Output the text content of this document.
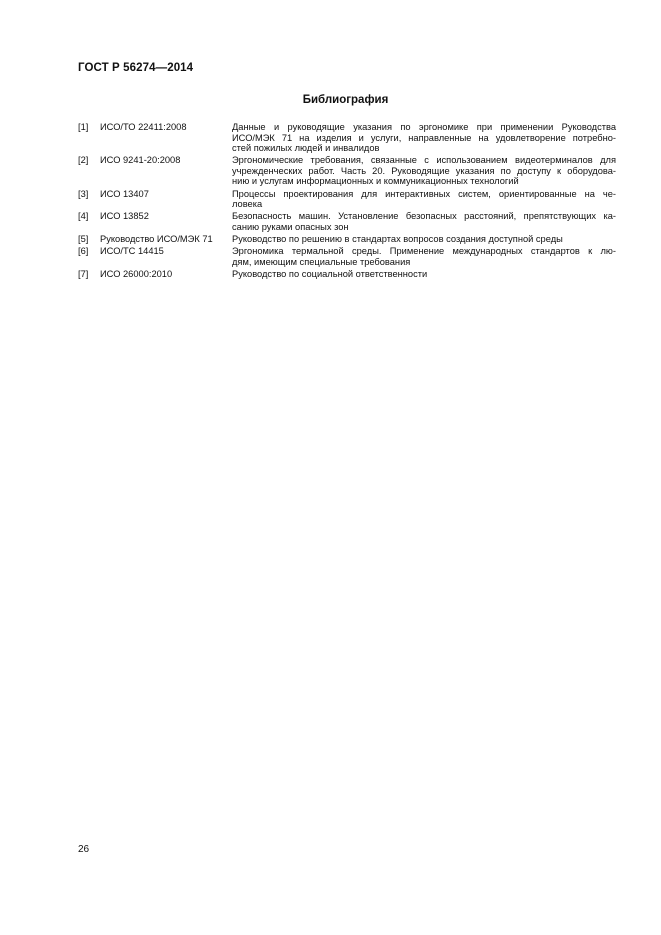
ГОСТ Р 56274—2014
Библиография
[1]	ИСО/ТО 22411:2008	Данные и руководящие указания по эргономике при применении Руководства
ИСО/МЭК 71 на изделия и услуги, направленные на удовлетворение потребно-
стей пожилых людей и инвалидов
[2]	ИСО 9241-20:2008	Эргономические требования, связанные с использованием видеотерминалов для
учрежденческих работ. Часть 20. Руководящие указания по доступу к оборудова-
нию и услугам информационных и коммуникационных технологий
[3]	ИСО 13407	Процессы проектирования для интерактивных систем, ориентированные на че-
ловека
[4]	ИСО 13852	Безопасность машин. Установление безопасных расстояний, препятствующих ка-
санию руками опасных зон
[5]	Руководство ИСО/МЭК 71	Руководство по решению в стандартах вопросов создания доступной среды
[6]	ИСО/ТС 14415	Эргономика термальной среды. Применение международных стандартов к лю-
дям, имеющим специальные требования
[7]	ИСО 26000:2010	Руководство по социальной ответственности
26
